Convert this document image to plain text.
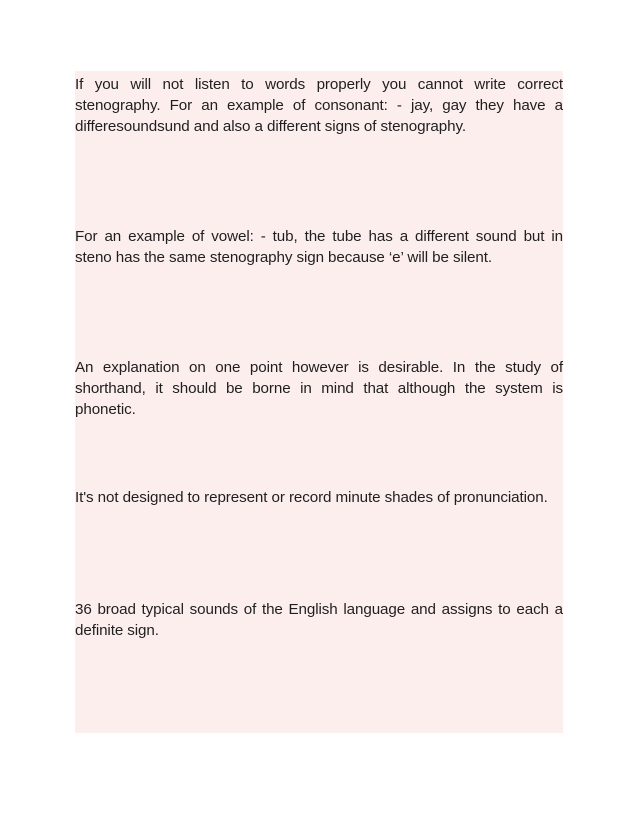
If you will not listen to words properly you cannot write correct stenography. For an example of consonant: - jay, gay they have a differesoundsund and also a different signs of stenography.

For an example of vowel: - tub, the tube has a different sound but in steno has the same stenography sign because ‘e’ will be silent.

An explanation on one point however is desirable. In the study of shorthand, it should be borne in mind that although the system is phonetic.

It's not designed to represent or record minute shades of pronunciation.

36 broad typical sounds of the English language and assigns to each a definite sign.
